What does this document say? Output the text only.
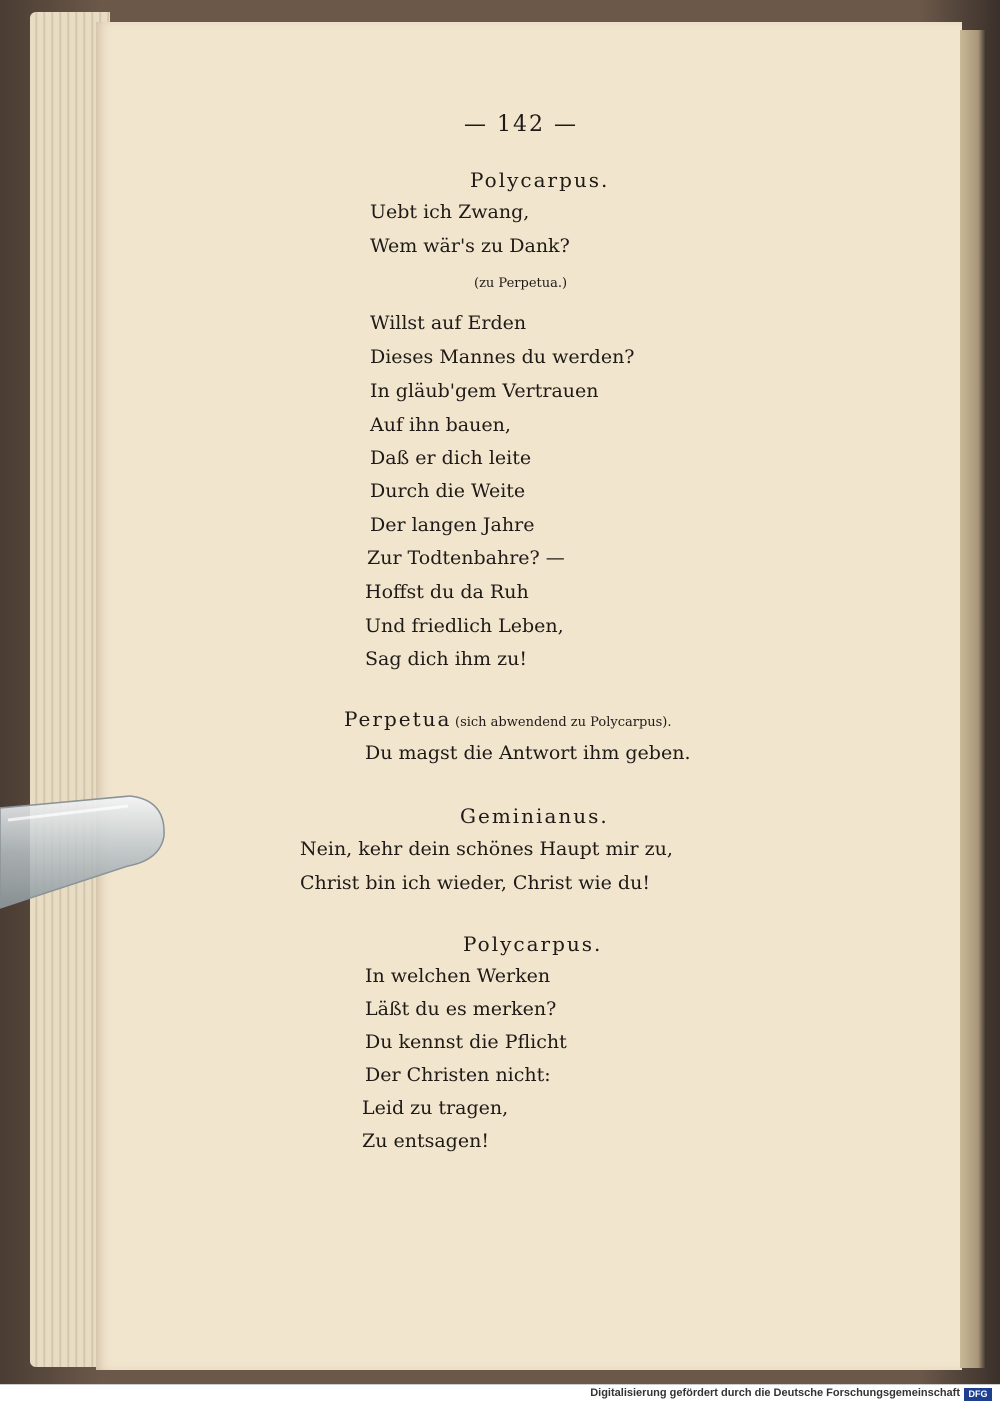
— 142 —
Polycarpus.
Uebt ich Zwang,
Wem wär's zu Dank?
(zu Perpetua.)
Willst auf Erden
Dieses Mannes du werden?
In gläub'gem Vertrauen
Auf ihn bauen,
Daß er dich leite
Durch die Weite
Der langen Jahre
Zur Todtenbahre? —
Hoffst du da Ruh
Und friedlich Leben,
Sag dich ihm zu!
Perpetua (sich abwendend zu Polycarpus).
Du magst die Antwort ihm geben.
Geminianus.
Nein, kehr dein schönes Haupt mir zu,
Christ bin ich wieder, Christ wie du!
Polycarpus.
In welchen Werken
Läßt du es merken?
Du kennst die Pflicht
Der Christen nicht:
Leid zu tragen,
Zu entsagen!
Digitalisierung gefördert durch die Deutsche Forschungsgemeinschaft DFG
